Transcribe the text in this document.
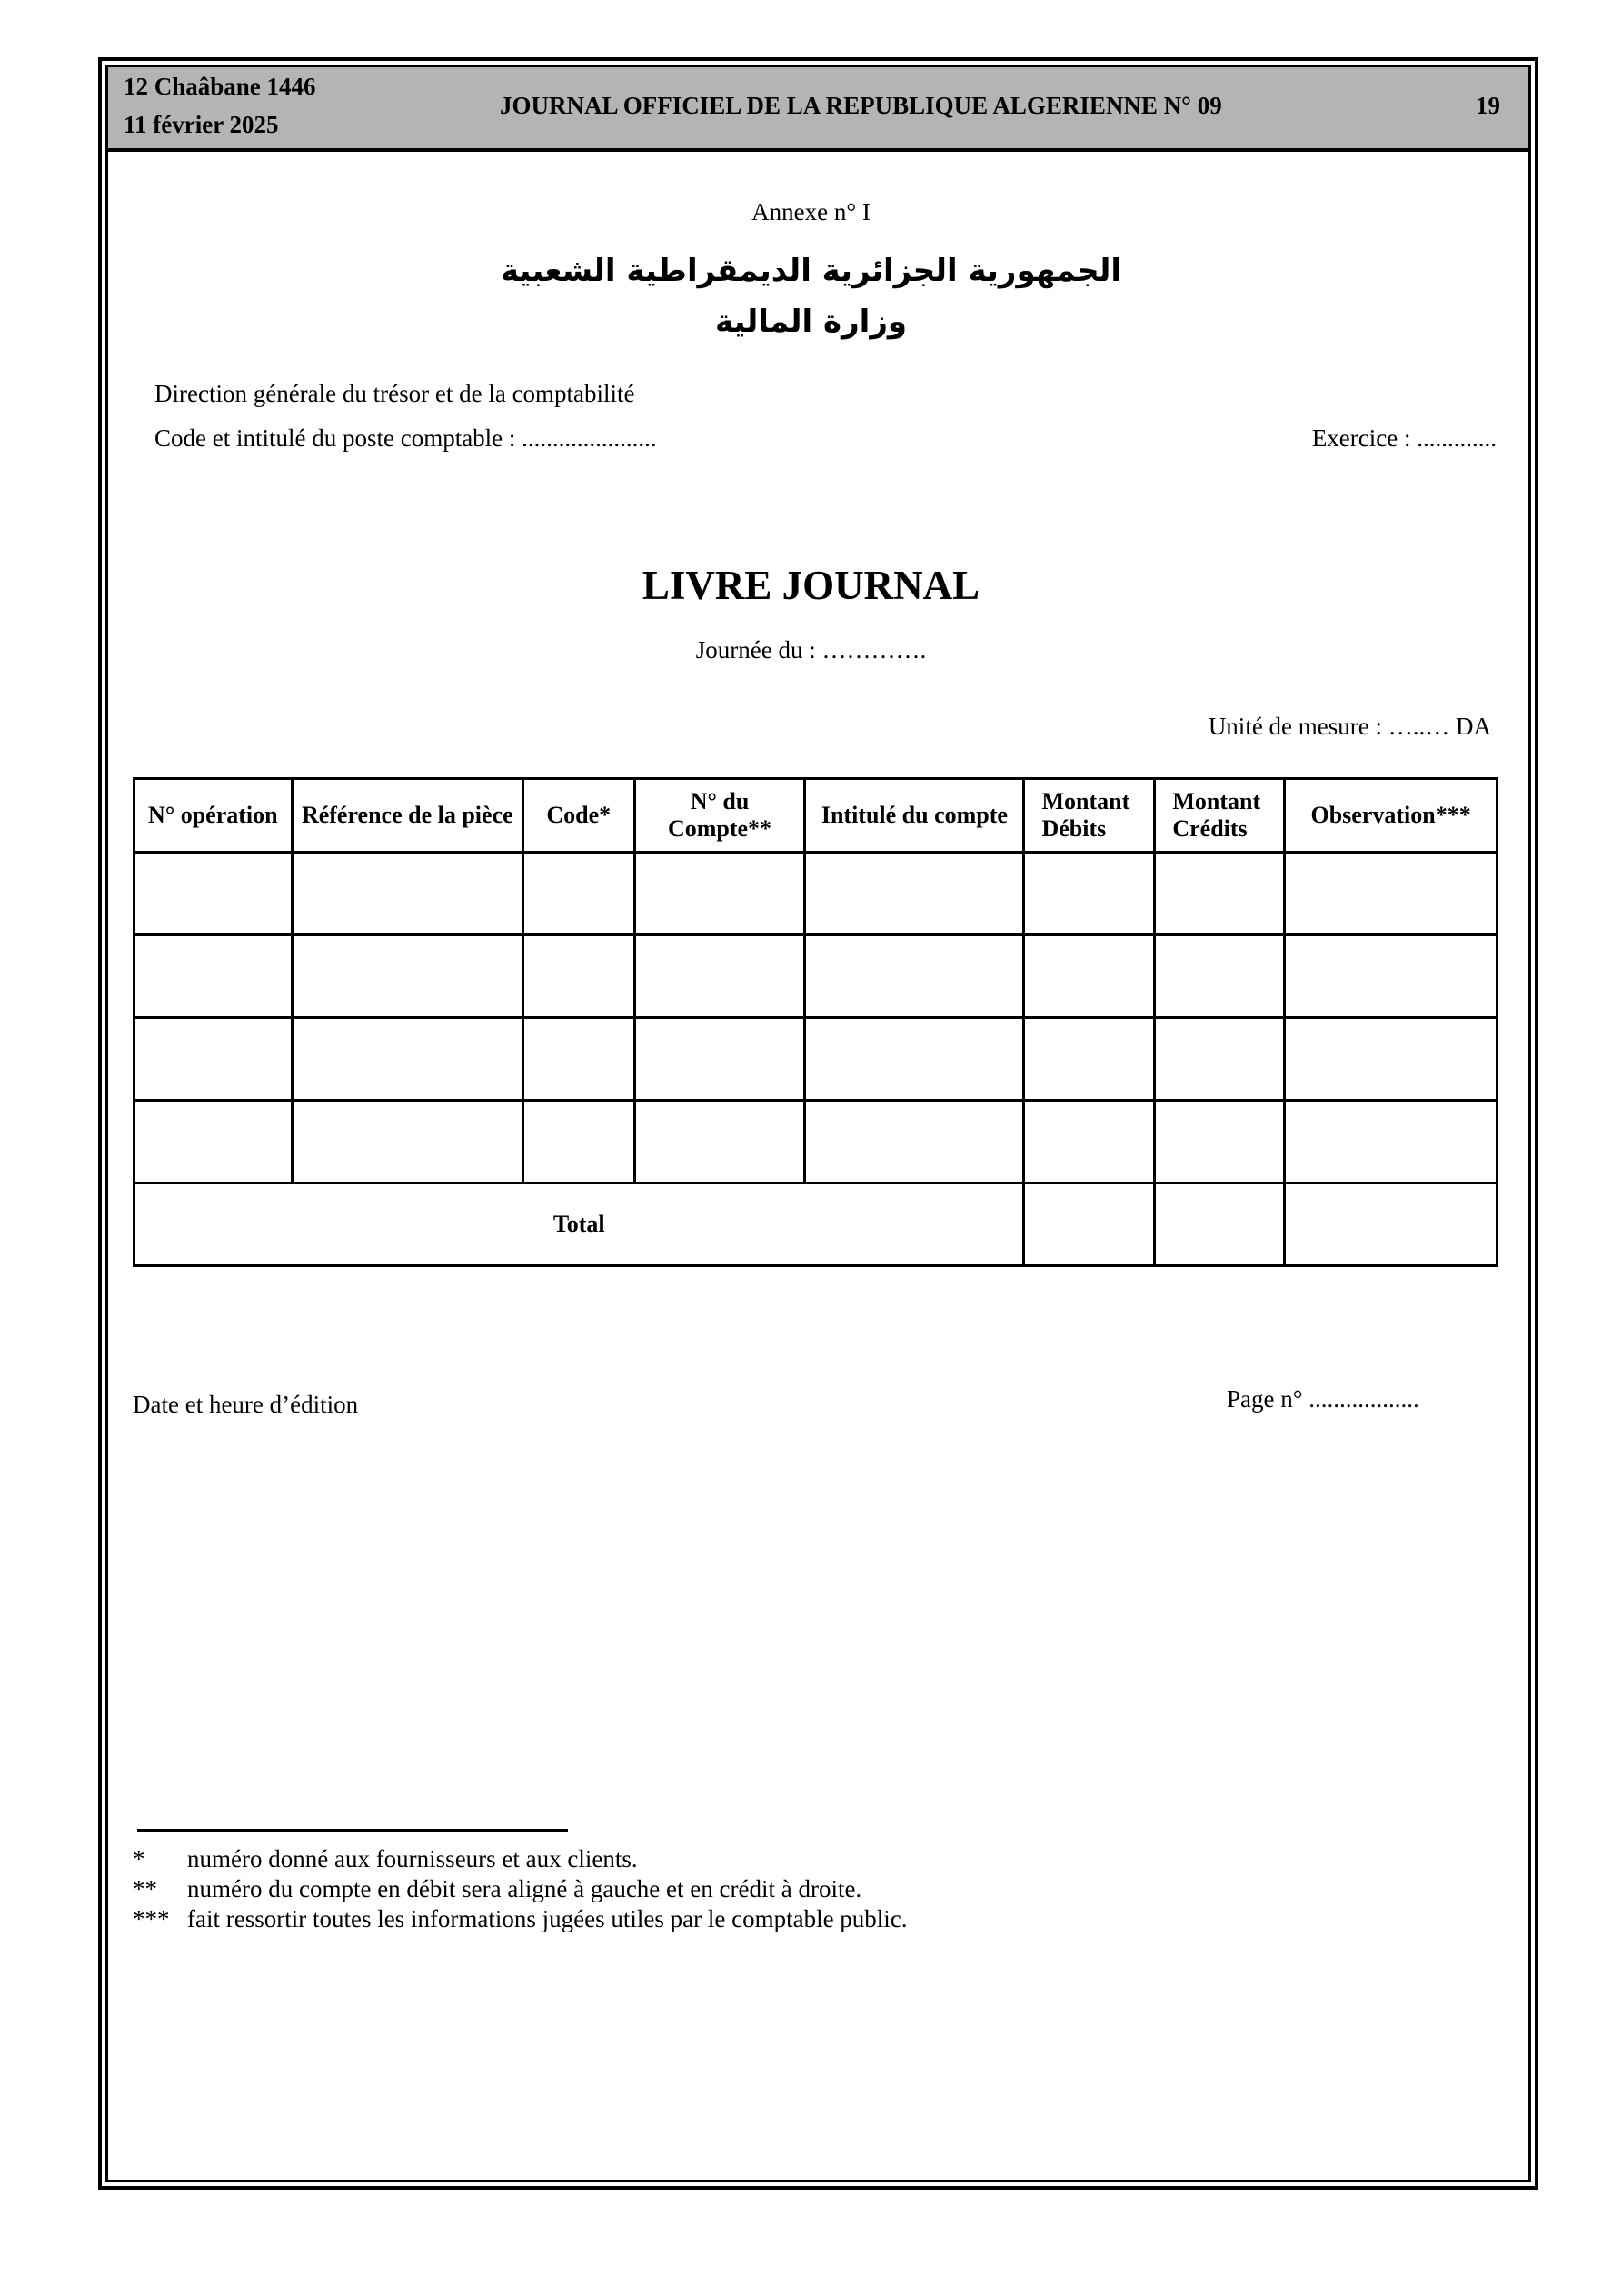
12 Chaâbane 1446
11 février 2025
JOURNAL OFFICIEL DE LA REPUBLIQUE ALGERIENNE N° 09	19
Annexe n° I
الجمهورية الجزائرية الديمقراطية الشعبية
وزارة المالية
Direction générale du trésor et de la comptabilité
Code et intitulé du poste comptable : ......................	Exercice : .............
LIVRE JOURNAL
Journée du : ………….
Unité de mesure : …..… DA
N° opération	Référence de la pièce	Code*	N° du Compte**	Intitulé du compte	Montant Débits	Montant Crédits	Observation***

Total							
Date et heure d’édition	Page n° ..................
* numéro donné aux fournisseurs et aux clients.
** numéro du compte en débit sera aligné à gauche et en crédit à droite.
*** fait ressortir toutes les informations jugées utiles par le comptable public.
